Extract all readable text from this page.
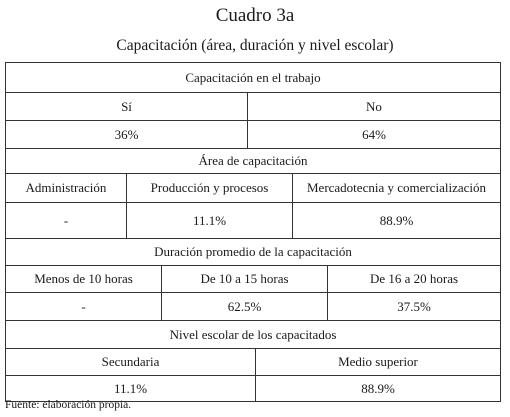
Cuadro 3a
Capacitación (área, duración y nivel escolar)
Capacitación en el trabajo
Sí	No
36%	64%
Área de capacitación
Administración	Producción y procesos	Mercadotecnia y comercialización
-	11.1%	88.9%
Duración promedio de la capacitación
Menos de 10 horas	De 10 a 15 horas	De 16 a 20 horas
-	62.5%	37.5%
Nivel escolar de los capacitados
Secundaria	Medio superior
11.1%	88.9%
Fuente: elaboración propia.
